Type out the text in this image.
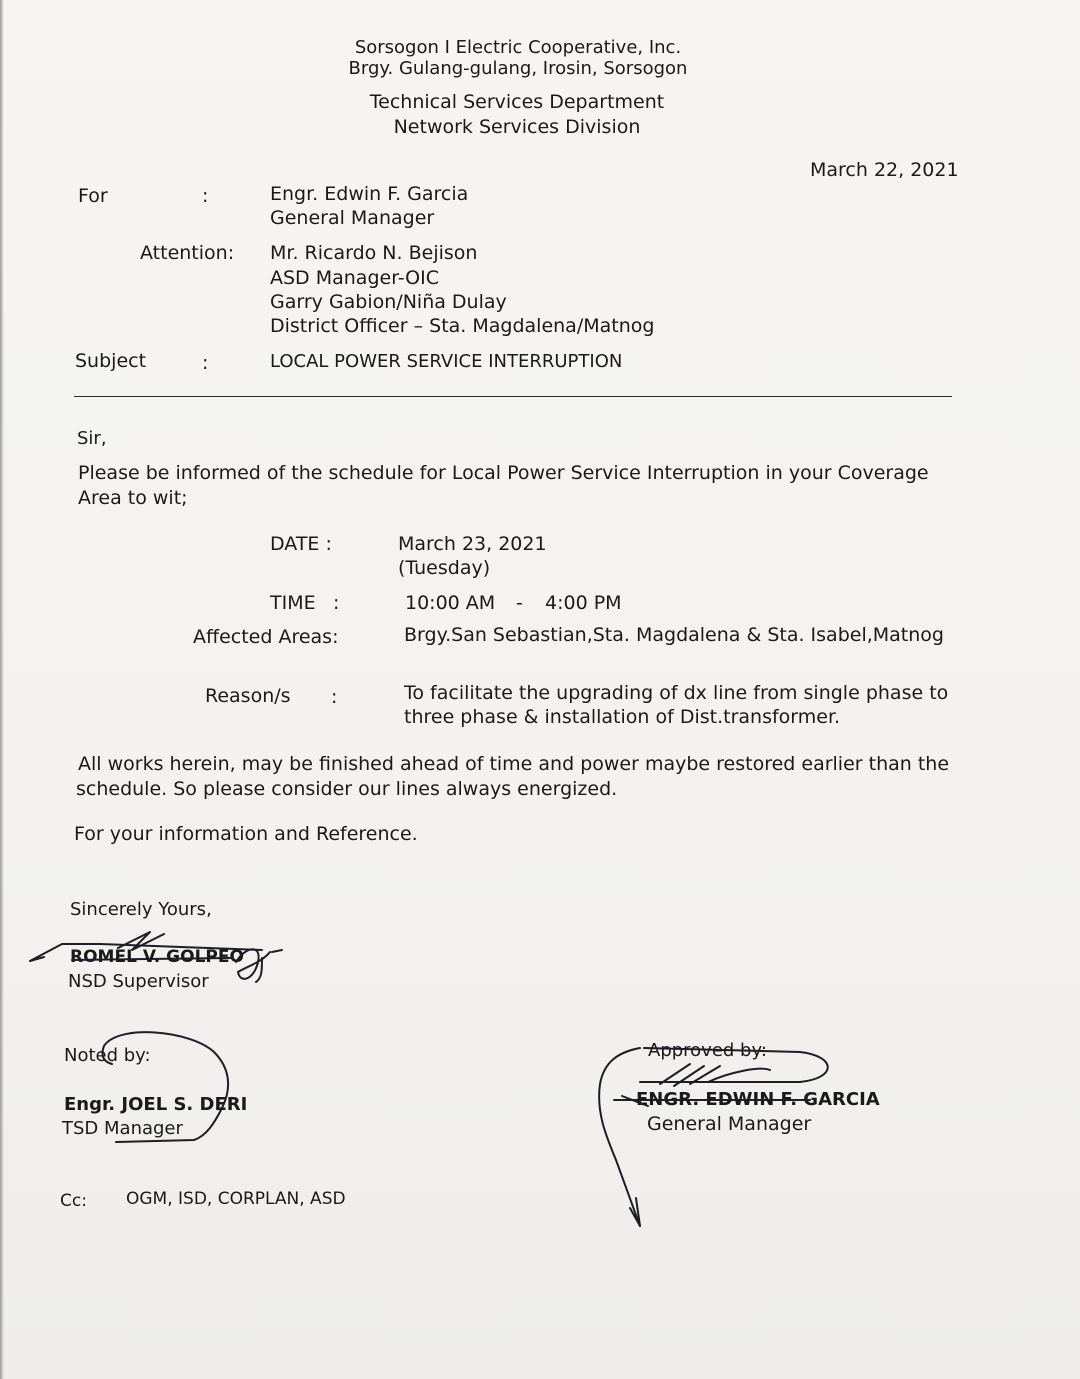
Sorsogon I Electric Cooperative, Inc.
Brgy. Gulang-gulang, Irosin, Sorsogon
Technical Services Department
Network Services Division
March 22, 2021
For	:	Engr. Edwin F. Garcia
General Manager
Attention: Mr. Ricardo N. Bejison
ASD Manager-OIC
Garry Gabion/Niña Dulay
District Officer – Sta. Magdalena/Matnog
Subject	:	LOCAL POWER SERVICE INTERRUPTION
Sir,
Please be informed of the schedule for Local Power Service Interruption in your Coverage
Area to wit;
DATE :	March 23, 2021
(Tuesday)
TIME :	10:00 AM - 4:00 PM
Affected Areas:	Brgy.San Sebastian,Sta. Magdalena & Sta. Isabel,Matnog
Reason/s :	To facilitate the upgrading of dx line from single phase to
three phase & installation of Dist.transformer.
All works herein, may be finished ahead of time and power maybe restored earlier than the
schedule. So please consider our lines always energized.
For your information and Reference.
Sincerely Yours,
ROMEL V. GOLPEO
NSD Supervisor
Noted by:
Engr. JOEL S. DERI
TSD Manager
Approved by:
ENGR. EDWIN F. GARCIA
General Manager
Cc: OGM, ISD, CORPLAN, ASD
